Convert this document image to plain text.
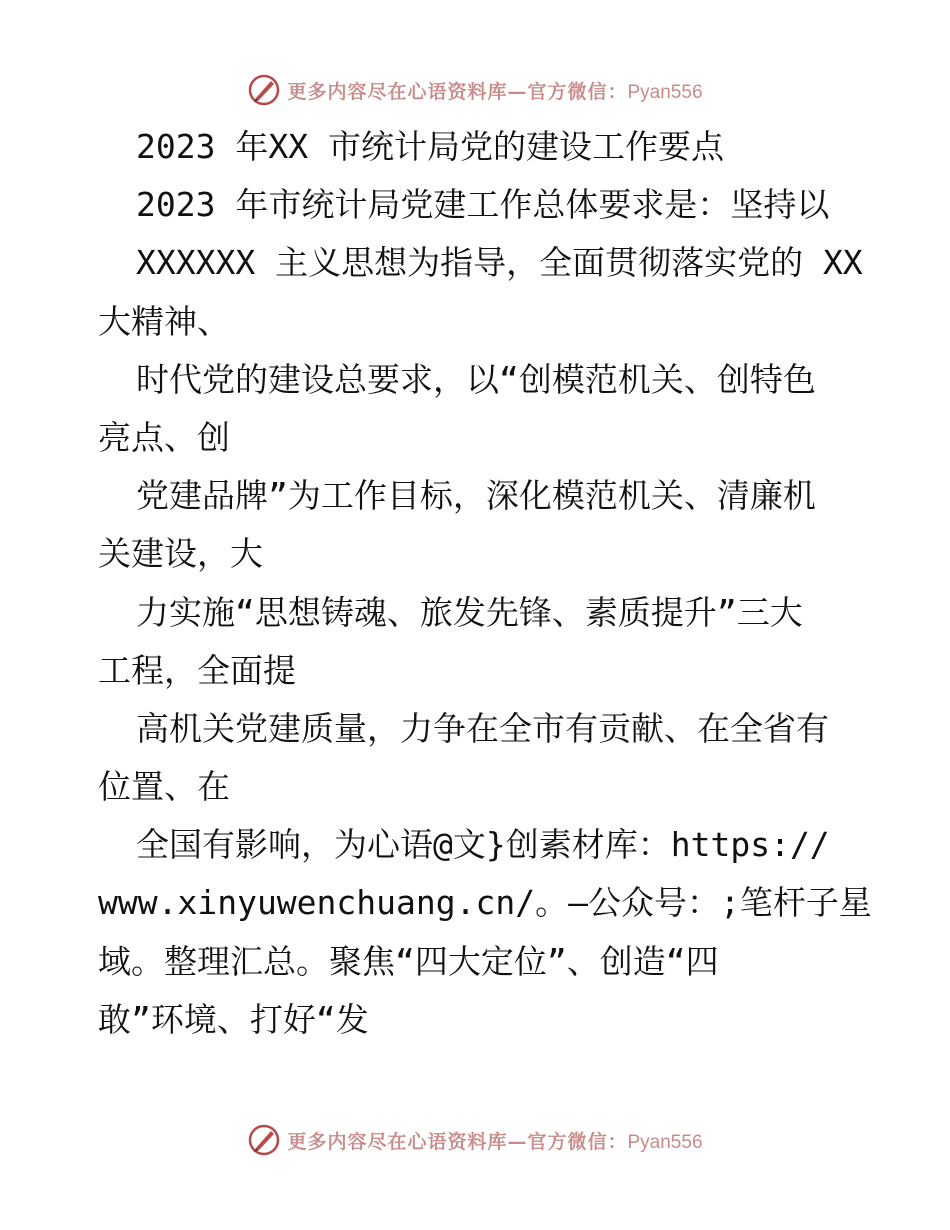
更多内容尽在心语资料库—官方微信：Pyan556
2023 年XX 市统计局党的建设工作要点
2023 年市统计局党建工作总体要求是：坚持以
XXXXXX 主义思想为指导，全面贯彻落实党的 XX
大精神、
时代党的建设总要求，以“创模范机关、创特色
亮点、创
党建品牌”为工作目标，深化模范机关、清廉机
关建设，大
力实施“思想铸魂、旅发先锋、素质提升”三大
工程，全面提
高机关党建质量，力争在全市有贡献、在全省有
位置、在
全国有影响，为心语@文}创素材库：https://
www.xinyuwenchuang.cn/。—公众号：;笔杆子星
域。整理汇总。聚焦“四大定位”、创造“四
敢”环境、打好“发
更多内容尽在心语资料库—官方微信：Pyan556
